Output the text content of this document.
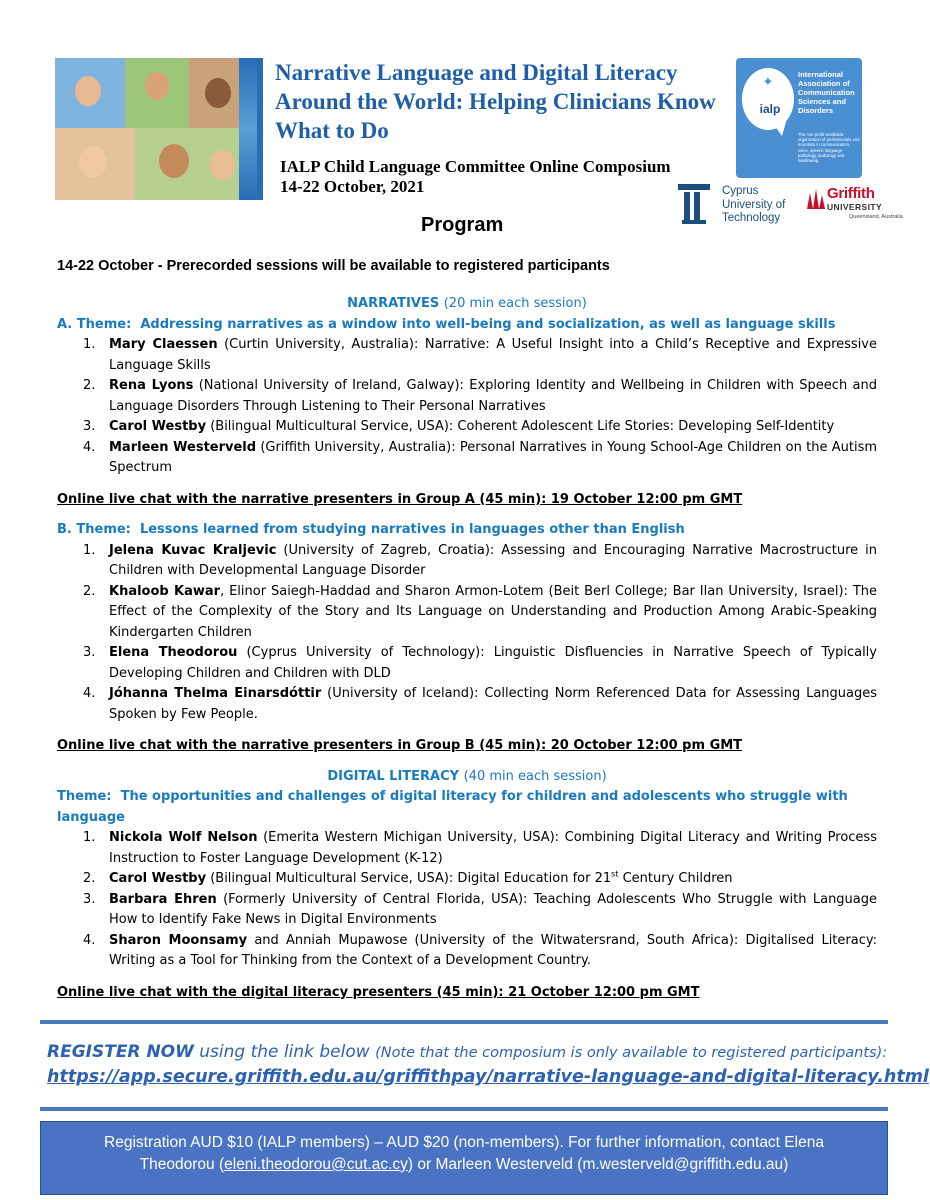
Narrative Language and Digital Literacy Around the World: Helping Clinicians Know What to Do
IALP Child Language Committee Online Composium
14-22 October, 2021
✦
ialp
International Association of Communication Sciences and Disorders
The non-profit worldwide organization of professionals and scientists in communication, voice, speech language pathology, audiology and swallowing.
Cyprus
University of
Technology
Griffith
UNIVERSITY
Queensland, Australia
Program
14-22 October - Prerecorded sessions will be available to registered participants
NARRATIVES (20 min each session)
A. Theme: Addressing narratives as a window into well-being and socialization, as well as language skills
1. Mary Claessen (Curtin University, Australia): Narrative: A Useful Insight into a Child’s Receptive and Expressive Language Skills
2. Rena Lyons (National University of Ireland, Galway): Exploring Identity and Wellbeing in Children with Speech and Language Disorders Through Listening to Their Personal Narratives
3. Carol Westby (Bilingual Multicultural Service, USA): Coherent Adolescent Life Stories: Developing Self-Identity
4. Marleen Westerveld (Griffith University, Australia): Personal Narratives in Young School-Age Children on the Autism Spectrum
Online live chat with the narrative presenters in Group A (45 min): 19 October 12:00 pm GMT
B. Theme: Lessons learned from studying narratives in languages other than English
1. Jelena Kuvac Kraljevic (University of Zagreb, Croatia): Assessing and Encouraging Narrative Macrostructure in Children with Developmental Language Disorder
2. Khaloob Kawar, Elinor Saiegh-Haddad and Sharon Armon-Lotem (Beit Berl College; Bar Ilan University, Israel): The Effect of the Complexity of the Story and Its Language on Understanding and Production Among Arabic-Speaking Kindergarten Children
3. Elena Theodorou (Cyprus University of Technology): Linguistic Disfluencies in Narrative Speech of Typically Developing Children and Children with DLD
4. Jóhanna Thelma Einarsdóttir (University of Iceland): Collecting Norm Referenced Data for Assessing Languages Spoken by Few People.
Online live chat with the narrative presenters in Group B (45 min): 20 October 12:00 pm GMT
DIGITAL LITERACY (40 min each session)
Theme: The opportunities and challenges of digital literacy for children and adolescents who struggle with language
1. Nickola Wolf Nelson (Emerita Western Michigan University, USA): Combining Digital Literacy and Writing Process Instruction to Foster Language Development (K-12)
2. Carol Westby (Bilingual Multicultural Service, USA): Digital Education for 21st Century Children
3. Barbara Ehren (Formerly University of Central Florida, USA): Teaching Adolescents Who Struggle with Language How to Identify Fake News in Digital Environments
4. Sharon Moonsamy and Anniah Mupawose (University of the Witwatersrand, South Africa): Digitalised Literacy: Writing as a Tool for Thinking from the Context of a Development Country.
Online live chat with the digital literacy presenters (45 min): 21 October 12:00 pm GMT
REGISTER NOW using the link below (Note that the composium is only available to registered participants):
https://app.secure.griffith.edu.au/griffithpay/narrative-language-and-digital-literacy.html
Registration AUD $10 (IALP members) – AUD $20 (non-members). For further information, contact Elena
Theodorou (eleni.theodorou@cut.ac.cy) or Marleen Westerveld (m.westerveld@griffith.edu.au)
